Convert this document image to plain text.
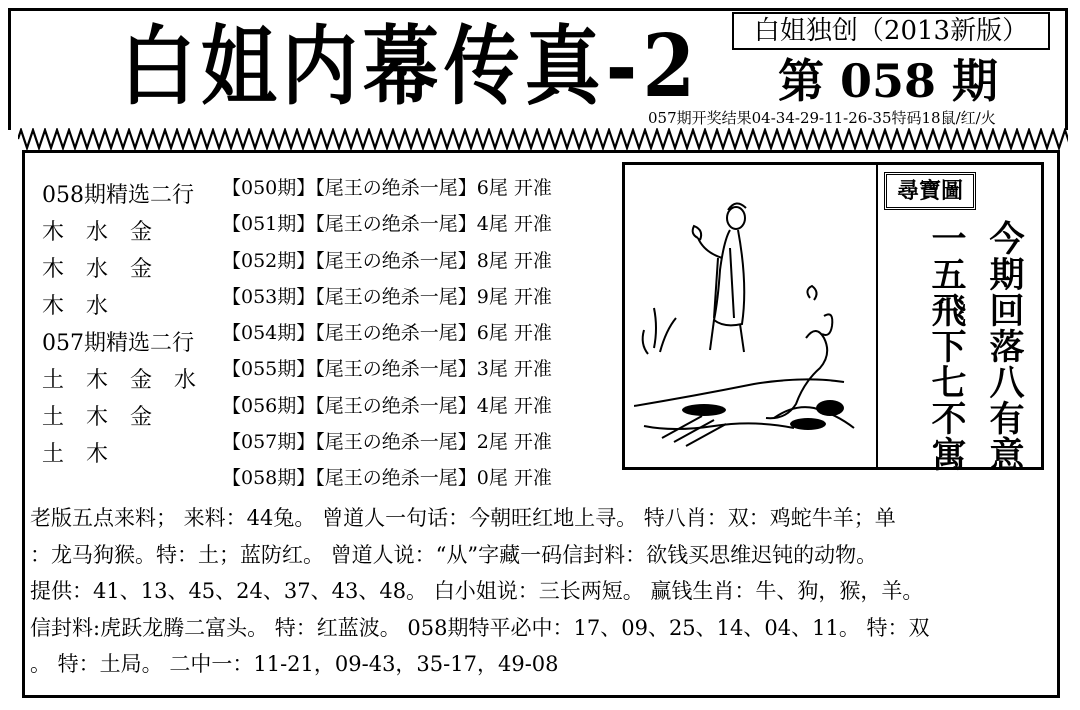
白姐内幕传真-2	白姐独创（2013新版）
第 058 期
057期开奖结果04-34-29-11-26-35特码18鼠/红/火
058期精选二行
木 水 金
木 水 金
木 水
057期精选二行
土 木 金 水
土 木 金
土 木
【050期】【尾王の绝杀一尾】6尾 开准
【051期】【尾王の绝杀一尾】4尾 开准
【052期】【尾王の绝杀一尾】8尾 开准
【053期】【尾王の绝杀一尾】9尾 开准
【054期】【尾王の绝杀一尾】6尾 开准
【055期】【尾王の绝杀一尾】3尾 开准
【056期】【尾王の绝杀一尾】4尾 开准
【057期】【尾王の绝杀一尾】2尾 开准
【058期】【尾王の绝杀一尾】0尾 开准
尋寶圖
今期回落八有意
一五飛下七不寓
老版五点来料； 来料：44兔。 曾道人一句话：今朝旺红地上寻。 特八肖：双：鸡蛇牛羊；单
：龙马狗猴。特：土；蓝防红。 曾道人说：“从”字藏一码信封料：欲钱买思维迟钝的动物。
提供：41、13、45、24、37、43、48。 白小姐说：三长两短。 赢钱生肖：牛、狗，猴，羊。
信封料:虎跃龙腾二富头。 特：红蓝波。 058期特平必中：17、09、25、14、04、11。 特：双
。 特：土局。 二中一：11-21，09-43，35-17，49-08
